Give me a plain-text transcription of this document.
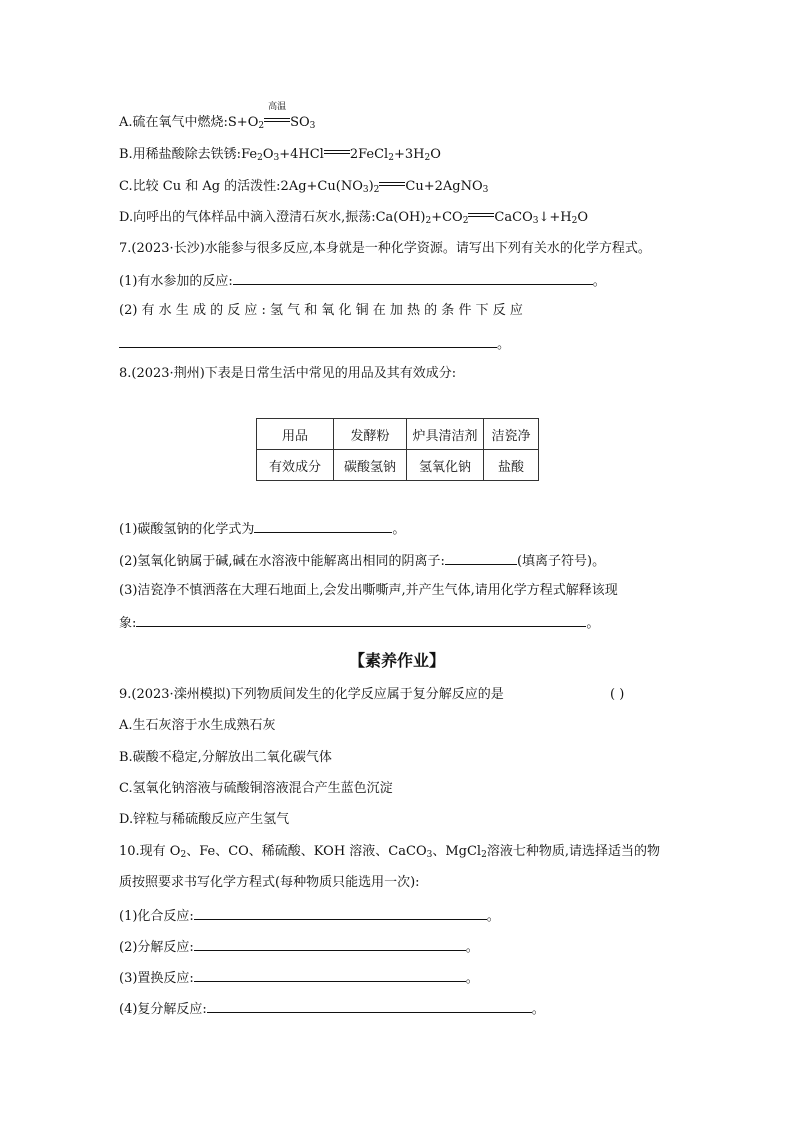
A.硫在氧气中燃烧$:S+O_2$
高温
$SO_3$
B.用稀盐酸除去铁锈$:Fe_2O_3+4HCl$ $2FeCl_2+3H_2O$
C.比较 Cu 和 Ag 的活泼性$:2Ag+Cu(NO_3)_2$ Cu+2AgNO$_3$
D.向呼出的气体样品中滴入澄清石灰水,振荡$:Ca(OH)_2+CO_2$ $CaCO_3↓+H_2O$
7.(2023·长沙)水能参与很多反应,本身就是一种化学资源。请写出下列有关水的化学方程式。
(1)有水参加的反应:	。
(2) 有 水 生 成 的 反 应 : 氢 气 和 氧 化 铜 在 加 热 的 条 件 下 反 应
。
8.(2023·荆州)下表是日常生活中常见的用品及其有效成分:
用品	发酵粉	炉具清洁剂	洁瓷净
有效成分	碳酸氢钠	氢氧化钠	盐酸
(1)碳酸氢钠的化学式为	。
(2)氢氧化钠属于碱,碱在水溶液中能解离出相同的阴离子:	(填离子符号)。
(3)洁瓷净不慎洒落在大理石地面上,会发出嘶嘶声,并产生气体,请用化学方程式解释该现
象:	。
【素养作业】
9.(2023·滦州模拟)下列物质间发生的化学反应属于复分解反应的是	( )
A.生石灰溶于水生成熟石灰
B.碳酸不稳定,分解放出二氧化碳气体
C.氢氧化钠溶液与硫酸铜溶液混合产生蓝色沉淀
D.锌粒与稀硫酸反应产生氢气
10.现有 $O_2$、Fe、CO、稀硫酸、KOH 溶液、CaCO$_3$、MgCl$_2$溶液七种物质,请选择适当的物
质按照要求书写化学方程式(每种物质只能选用一次):
(1)化合反应:	。
(2)分解反应:	。
(3)置换反应:	。
(4)复分解反应:	。
